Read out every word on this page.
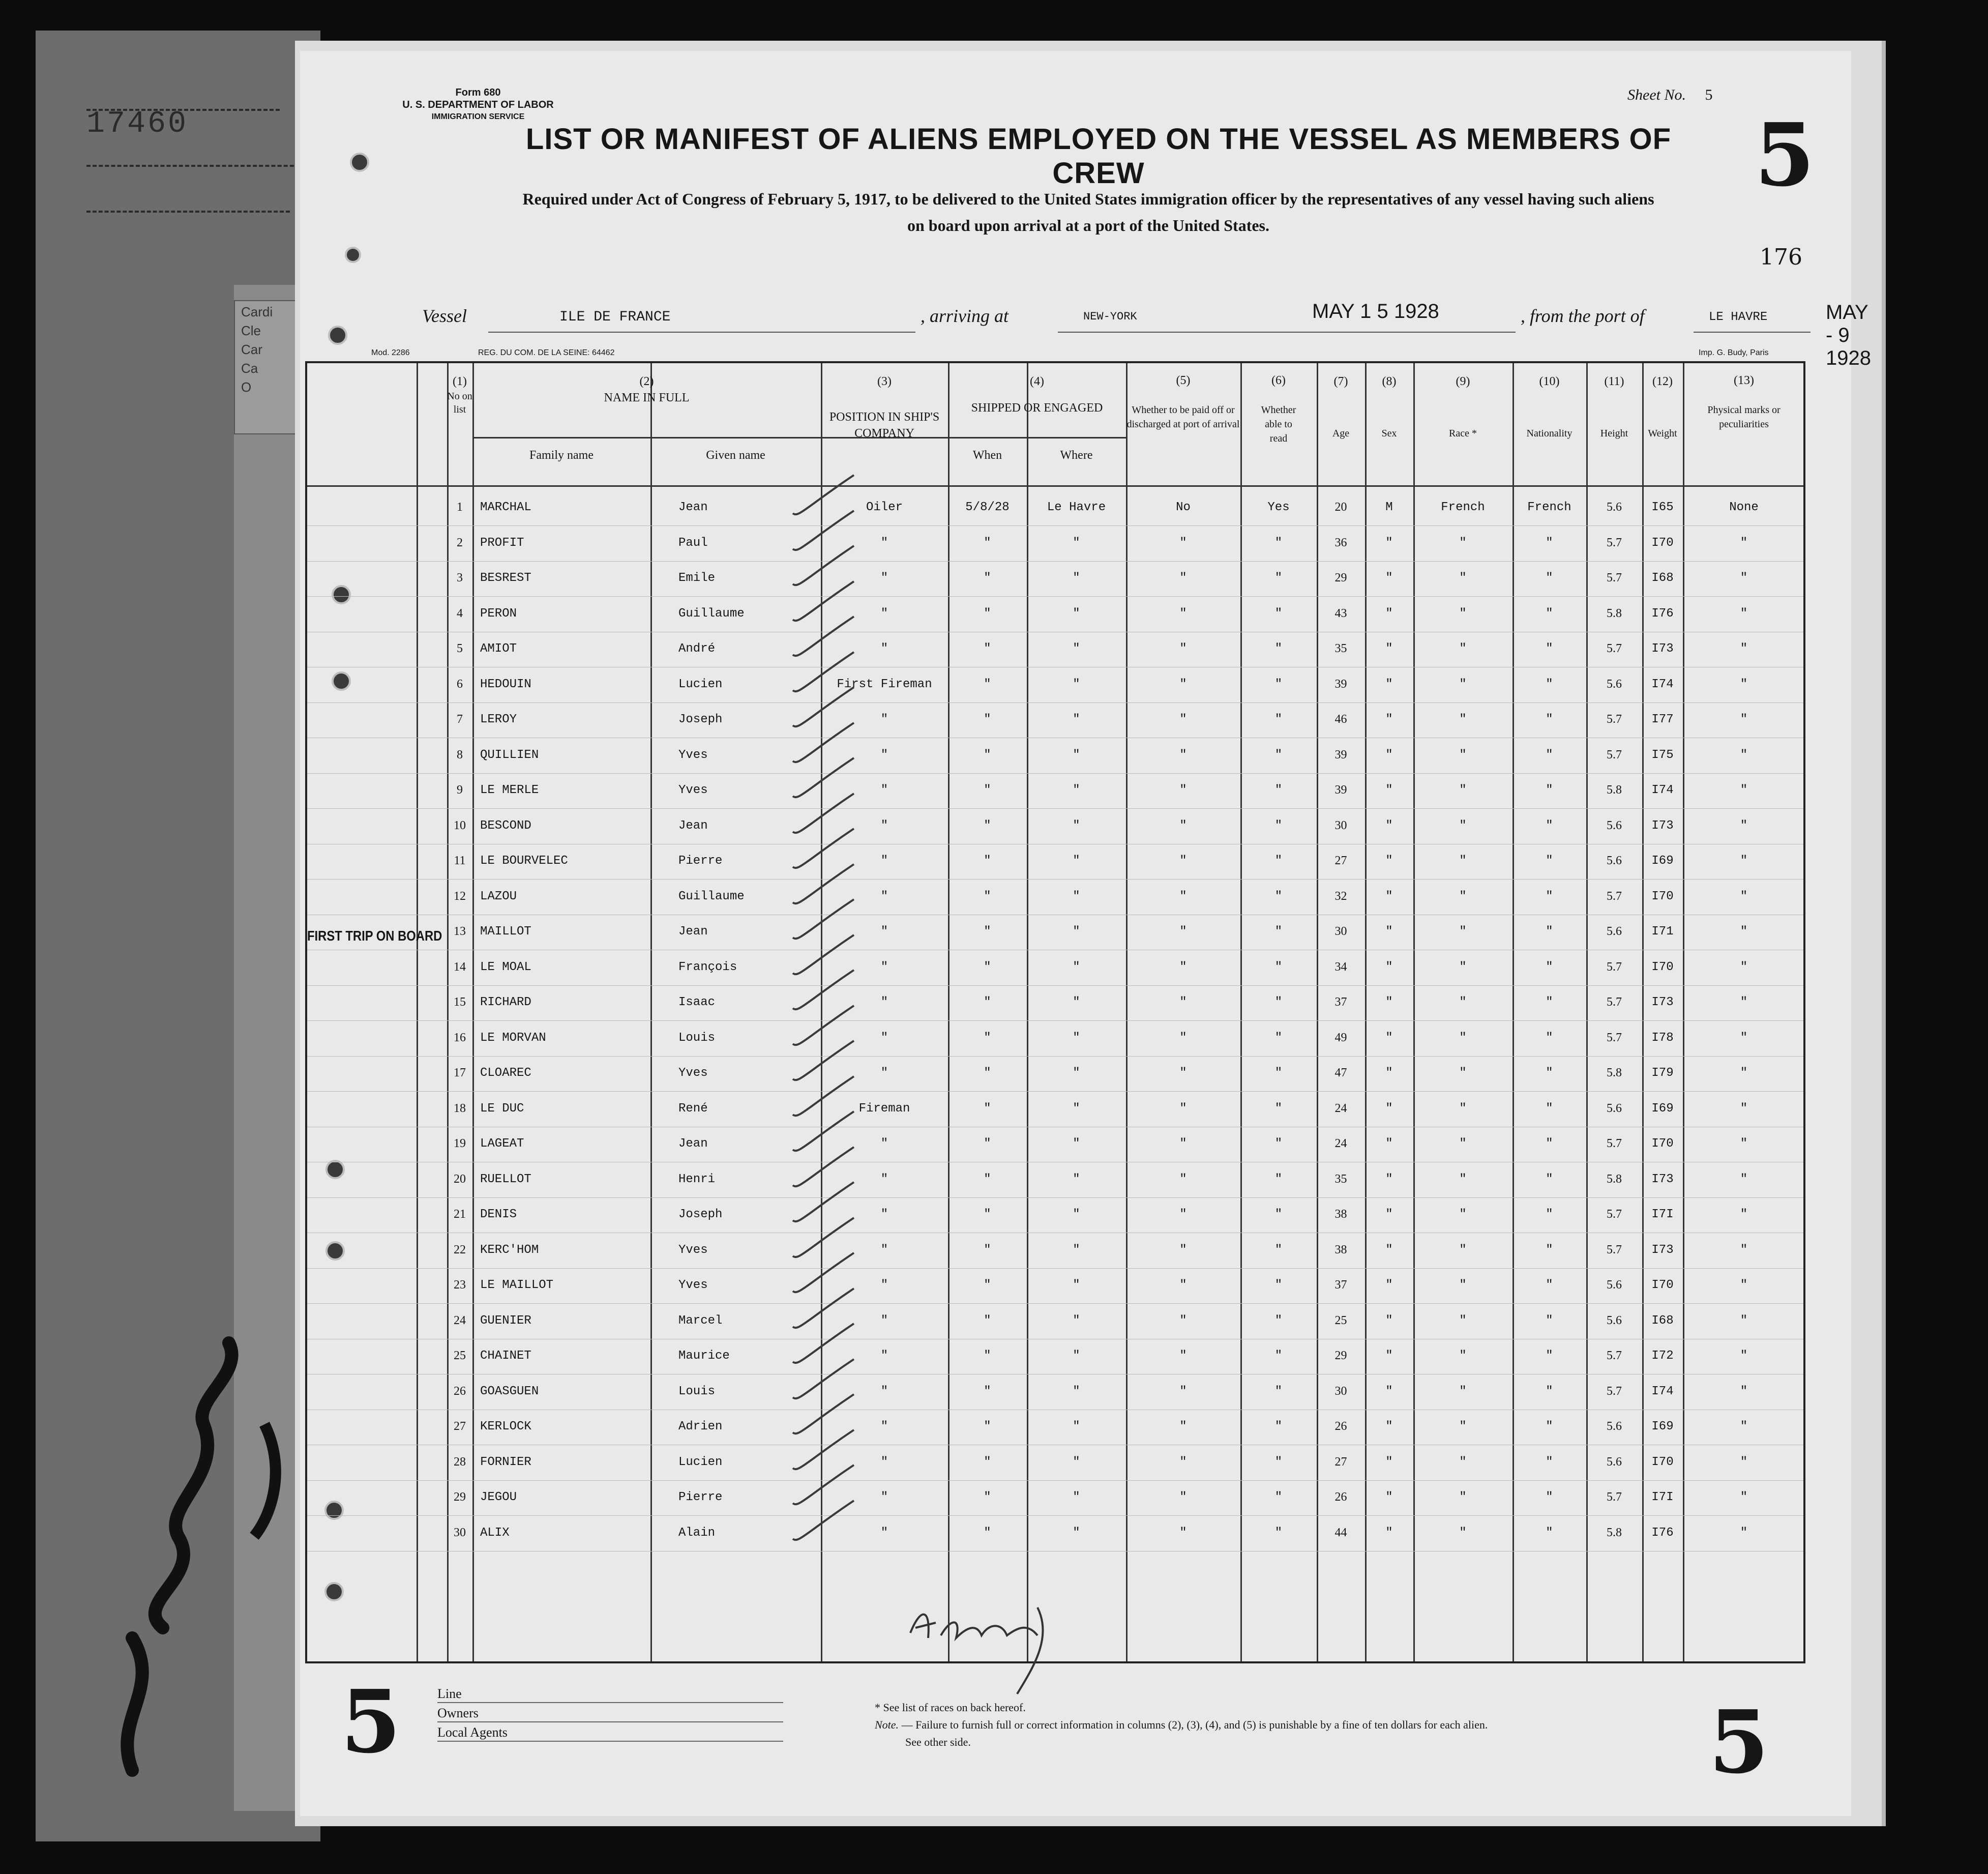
17460
Cardi
Cle
Car
Ca
O
Form 680
U. S. DEPARTMENT OF LABOR
IMMIGRATION SERVICE
Sheet No. 5
LIST OR MANIFEST OF ALIENS EMPLOYED ON THE VESSEL AS MEMBERS OF CREW	5
Required under Act of Congress of February 5, 1917, to be delivered to the United States immigration officer by the representatives of any vessel having such aliens
on board upon arrival at a port of the United States.
176
Vessel	ILE DE FRANCE	, arriving at	NEW-YORK	MAY 1 5 1928	, from the port of	LE HAVRE	MAY - 9 1928
Mod. 2286	REG. DU COM. DE LA SEINE: 64462	Imp. G. Budy, Paris
(1)
No on list
(2)
NAME IN FULL
Family name	Given name
(3)
POSITION IN SHIP'S COMPANY
(4)
SHIPPED OR ENGAGED
When	Where
(5)
Whether to be paid off or discharged at port of arrival
(6)
Whether able to read
(7)
Age
(8)
Sex
(9)
Race *
(10)
Nationality
(11)
Height
(12)
Weight
(13)
Physical marks or peculiarities
FIRST TRIP ON BOARD
1	MARCHAL	Jean	Oiler	5/8/28	Le Havre	No	Yes	20	M	French	French	5.6	I65	None
2	PROFIT	Paul	"	"	"	"	"	36	"	"	"	5.7	I70	"
3	BESREST	Emile	"	"	"	"	"	29	"	"	"	5.7	I68	"
4	PERON	Guillaume	"	"	"	"	"	43	"	"	"	5.8	I76	"
5	AMIOT	André	"	"	"	"	"	35	"	"	"	5.7	I73	"
6	HEDOUIN	Lucien	First Fireman	"	"	"	"	39	"	"	"	5.6	I74	"
7	LEROY	Joseph	"	"	"	"	"	46	"	"	"	5.7	I77	"
8	QUILLIEN	Yves	"	"	"	"	"	39	"	"	"	5.7	I75	"
9	LE MERLE	Yves	"	"	"	"	"	39	"	"	"	5.8	I74	"
10	BESCOND	Jean	"	"	"	"	"	30	"	"	"	5.6	I73	"
11	LE BOURVELEC	Pierre	"	"	"	"	"	27	"	"	"	5.6	I69	"
12	LAZOU	Guillaume	"	"	"	"	"	32	"	"	"	5.7	I70	"
13	MAILLOT	Jean	"	"	"	"	"	30	"	"	"	5.6	I71	"
14	LE MOAL	François	"	"	"	"	"	34	"	"	"	5.7	I70	"
15	RICHARD	Isaac	"	"	"	"	"	37	"	"	"	5.7	I73	"
16	LE MORVAN	Louis	"	"	"	"	"	49	"	"	"	5.7	I78	"
17	CLOAREC	Yves	"	"	"	"	"	47	"	"	"	5.8	I79	"
18	LE DUC	René	Fireman	"	"	"	"	24	"	"	"	5.6	I69	"
19	LAGEAT	Jean	"	"	"	"	"	24	"	"	"	5.7	I70	"
20	RUELLOT	Henri	"	"	"	"	"	35	"	"	"	5.8	I73	"
21	DENIS	Joseph	"	"	"	"	"	38	"	"	"	5.7	I7I	"
22	KERC'HOM	Yves	"	"	"	"	"	38	"	"	"	5.7	I73	"
23	LE MAILLOT	Yves	"	"	"	"	"	37	"	"	"	5.6	I70	"
24	GUENIER	Marcel	"	"	"	"	"	25	"	"	"	5.6	I68	"
25	CHAINET	Maurice	"	"	"	"	"	29	"	"	"	5.7	I72	"
26	GOASGUEN	Louis	"	"	"	"	"	30	"	"	"	5.7	I74	"
27	KERLOCK	Adrien	"	"	"	"	"	26	"	"	"	5.6	I69	"
28	FORNIER	Lucien	"	"	"	"	"	27	"	"	"	5.6	I70	"
29	JEGOU	Pierre	"	"	"	"	"	26	"	"	"	5.7	I7I	"
30	ALIX	Alain	"	"	"	"	"	44	"	"	"	5.8	I76	"
5	5
Line
Owners
Local Agents
* See list of races on back hereof.
Note. — Failure to furnish full or correct information in columns (2), (3), (4), and (5) is punishable by a fine of ten dollars for each alien.
See other side.
